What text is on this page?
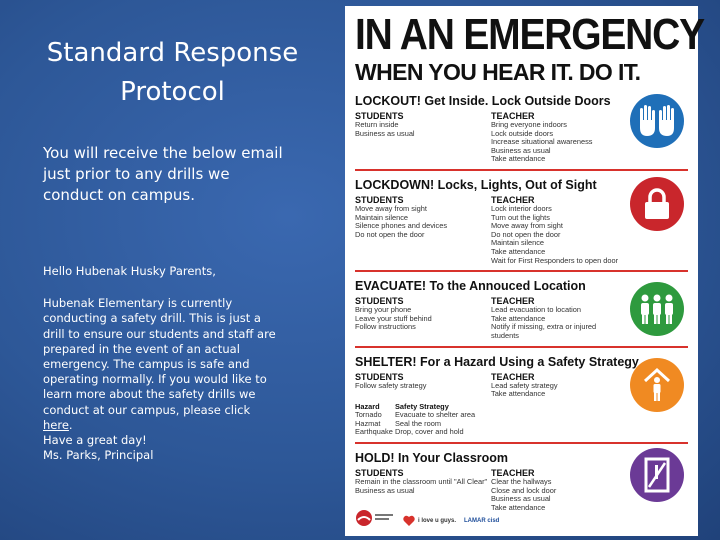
Standard Response Protocol
You will receive the below email just prior to any drills we conduct on campus.

Hello Hubenak Husky Parents,

Hubenak Elementary is currently conducting a safety drill. This is just a drill to ensure our students and staff are prepared in the event of an actual emergency. The campus is safe and operating normally. If you would like to learn more about the safety drills we conduct at our campus, please click here.

Have a great day!

Ms. Parks, Principal

IN AN EMERGENCY
WHEN YOU HEAR IT. DO IT.
LOCKOUT! Get Inside. Lock Outside Doors
STUDENTS
Return inside
Business as usual
TEACHER
Bring everyone indoors
Lock outside doors
Increase situational awareness
Business as usual
Take attendance
LOCKDOWN! Locks, Lights, Out of Sight
STUDENTS
Move away from sight
Maintain silence
Silence phones and devices
Do not open the door
TEACHER
Lock interior doors
Turn out the lights
Move away from sight
Do not open the door
Maintain silence
Take attendance
Wait for First Responders to open door
EVACUATE! To the Annouced Location
STUDENTS
Bring your phone
Leave your stuff behind
Follow instructions
TEACHER
Lead evacuation to location
Take attendance
Notify if missing, extra or injured students
SHELTER! For a Hazard Using a Safety Strategy
STUDENTS
Follow safety strategy
TEACHER
Lead safety strategy
Take attendance
Hazard
Tornado
Hazmat
Earthquake
Safety Strategy
Evacuate to shelter area
Seal the room
Drop, cover and hold
HOLD! In Your Classroom
STUDENTS
Remain in the classroom until "All Clear"
Business as usual
TEACHER
Clear the hallways
Close and lock door
Business as usual
Take attendance
i love u guys. LAMAR cisd
